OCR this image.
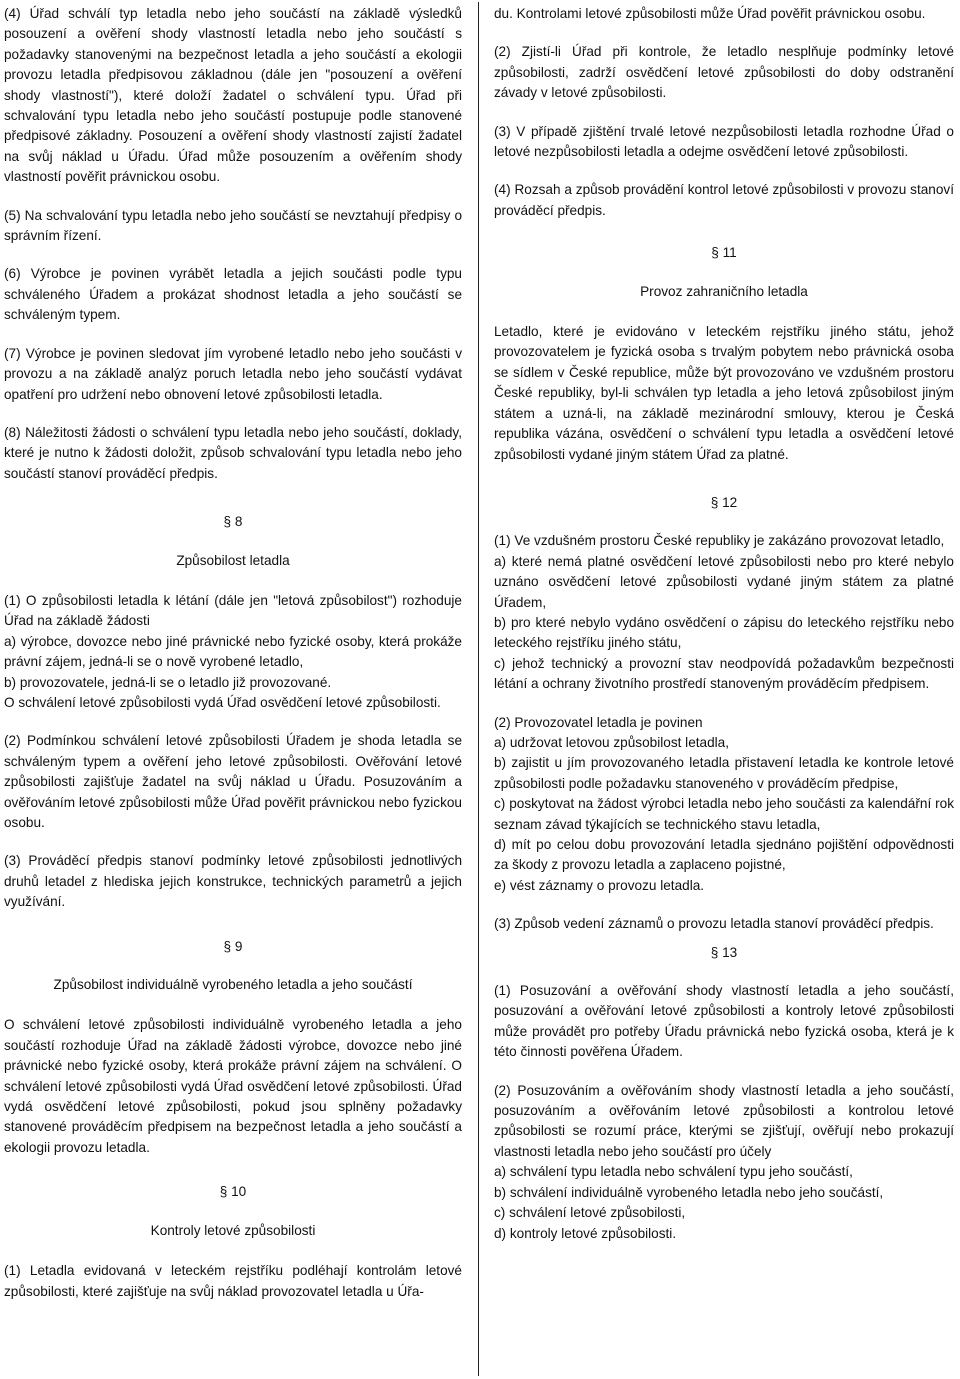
(4) Úřad schválí typ letadla nebo jeho součástí na základě výsledků posouzení a ověření shody vlastností letadla nebo jeho součástí s požadavky stanovenými na bezpečnost letadla a jeho součástí a ekologii provozu letadla předpisovou základnou (dále jen "posouzení a ověření shody vlastností"), které doloží žadatel o schválení typu. Úřad při schvalování typu letadla nebo jeho součástí postupuje podle stanovené předpisové základny. Posouzení a ověření shody vlastností zajistí žadatel na svůj náklad u Úřadu. Úřad může posouzením a ověřením shody vlastností pověřit právnickou osobu.

(5) Na schvalování typu letadla nebo jeho součástí se nevztahují předpisy o správním řízení.

(6) Výrobce je povinen vyrábět letadla a jejich součásti podle typu schváleného Úřadem a prokázat shodnost letadla a jeho součástí se schváleným typem.

(7) Výrobce je povinen sledovat jím vyrobené letadlo nebo jeho součásti v provozu a na základě analýz poruch letadla nebo jeho součástí vydávat opatření pro udržení nebo obnovení letové způsobilosti letadla.

(8) Náležitosti žádosti o schválení typu letadla nebo jeho součástí, doklady, které je nutno k žádosti doložit, způsob schvalování typu letadla nebo jeho součástí stanoví prováděcí předpis.

§ 8
Způsobilost letadla

(1) O způsobilosti letadla k létání (dále jen "letová způsobilost") rozhoduje Úřad na základě žádosti
a) výrobce, dovozce nebo jiné právnické nebo fyzické osoby, která prokáže právní zájem, jedná-li se o nově vyrobené letadlo,
b) provozovatele, jedná-li se o letadlo již provozované.
O schválení letové způsobilosti vydá Úřad osvědčení letové způsobilosti.

(2) Podmínkou schválení letové způsobilosti Úřadem je shoda letadla se schváleným typem a ověření jeho letové způsobilosti. Ověřování letové způsobilosti zajišťuje žadatel na svůj náklad u Úřadu. Posuzováním a ověřováním letové způsobilosti může Úřad pověřit právnickou nebo fyzickou osobu.

(3) Prováděcí předpis stanoví podmínky letové způsobilosti jednotlivých druhů letadel z hlediska jejich konstrukce, technických parametrů a jejich využívání.

§ 9
Způsobilost individuálně vyrobeného letadla a jeho součástí

O schválení letové způsobilosti individuálně vyrobeného letadla a jeho součástí rozhoduje Úřad na základě žádosti výrobce, dovozce nebo jiné právnické nebo fyzické osoby, která prokáže právní zájem na schválení. O schválení letové způsobilosti vydá Úřad osvědčení letové způsobilosti. Úřad vydá osvědčení letové způsobilosti, pokud jsou splněny požadavky stanovené prováděcím předpisem na bezpečnost letadla a jeho součástí a ekologii provozu letadla.

§ 10
Kontroly letové způsobilosti

(1) Letadla evidovaná v leteckém rejstříku podléhají kontrolám letové způsobilosti, které zajišťuje na svůj náklad provozovatel letadla u Úřa-

du. Kontrolami letové způsobilosti může Úřad pověřit právnickou osobu.

(2) Zjistí-li Úřad při kontrole, že letadlo nesplňuje podmínky letové způsobilosti, zadrží osvědčení letové způsobilosti do doby odstranění závady v letové způsobilosti.

(3) V případě zjištění trvalé letové nezpůsobilosti letadla rozhodne Úřad o letové nezpůsobilosti letadla a odejme osvědčení letové způsobilosti.

(4) Rozsah a způsob provádění kontrol letové způsobilosti v provozu stanoví prováděcí předpis.

§ 11
Provoz zahraničního letadla

Letadlo, které je evidováno v leteckém rejstříku jiného státu, jehož provozovatelem je fyzická osoba s trvalým pobytem nebo právnická osoba se sídlem v České republice, může být provozováno ve vzdušném prostoru České republiky, byl-li schválen typ letadla a jeho letová způsobilost jiným státem a uzná-li, na základě mezinárodní smlouvy, kterou je Česká republika vázána, osvědčení o schválení typu letadla a osvědčení letové způsobilosti vydané jiným státem Úřad za platné.

§ 12

(1) Ve vzdušném prostoru České republiky je zakázáno provozovat letadlo,
a) které nemá platné osvědčení letové způsobilosti nebo pro které nebylo uznáno osvědčení letové způsobilosti vydané jiným státem za platné Úřadem,
b) pro které nebylo vydáno osvědčení o zápisu do leteckého rejstříku nebo leteckého rejstříku jiného státu,
c) jehož technický a provozní stav neodpovídá požadavkům bezpečnosti létání a ochrany životního prostředí stanoveným prováděcím předpisem.

(2) Provozovatel letadla je povinen
a) udržovat letovou způsobilost letadla,
b) zajistit u jím provozovaného letadla přistavení letadla ke kontrole letové způsobilosti podle požadavku stanoveného v prováděcím předpise,
c) poskytovat na žádost výrobci letadla nebo jeho součásti za kalendářní rok seznam závad týkajících se technického stavu letadla,
d) mít po celou dobu provozování letadla sjednáno pojištění odpovědnosti za škody z provozu letadla a zaplaceno pojistné,
e) vést záznamy o provozu letadla.

(3) Způsob vedení záznamů o provozu letadla stanoví prováděcí předpis.

§ 13

(1) Posuzování a ověřování shody vlastností letadla a jeho součástí, posuzování a ověřování letové způsobilosti a kontroly letové způsobilosti může provádět pro potřeby Úřadu právnická nebo fyzická osoba, která je k této činnosti pověřena Úřadem.

(2) Posuzováním a ověřováním shody vlastností letadla a jeho součástí, posuzováním a ověřováním letové způsobilosti a kontrolou letové způsobilosti se rozumí práce, kterými se zjišťují, ověřují nebo prokazují vlastnosti letadla nebo jeho součástí pro účely
a) schválení typu letadla nebo schválení typu jeho součástí,
b) schválení individuálně vyrobeného letadla nebo jeho součástí,
c) schválení letové způsobilosti,
d) kontroly letové způsobilosti.
